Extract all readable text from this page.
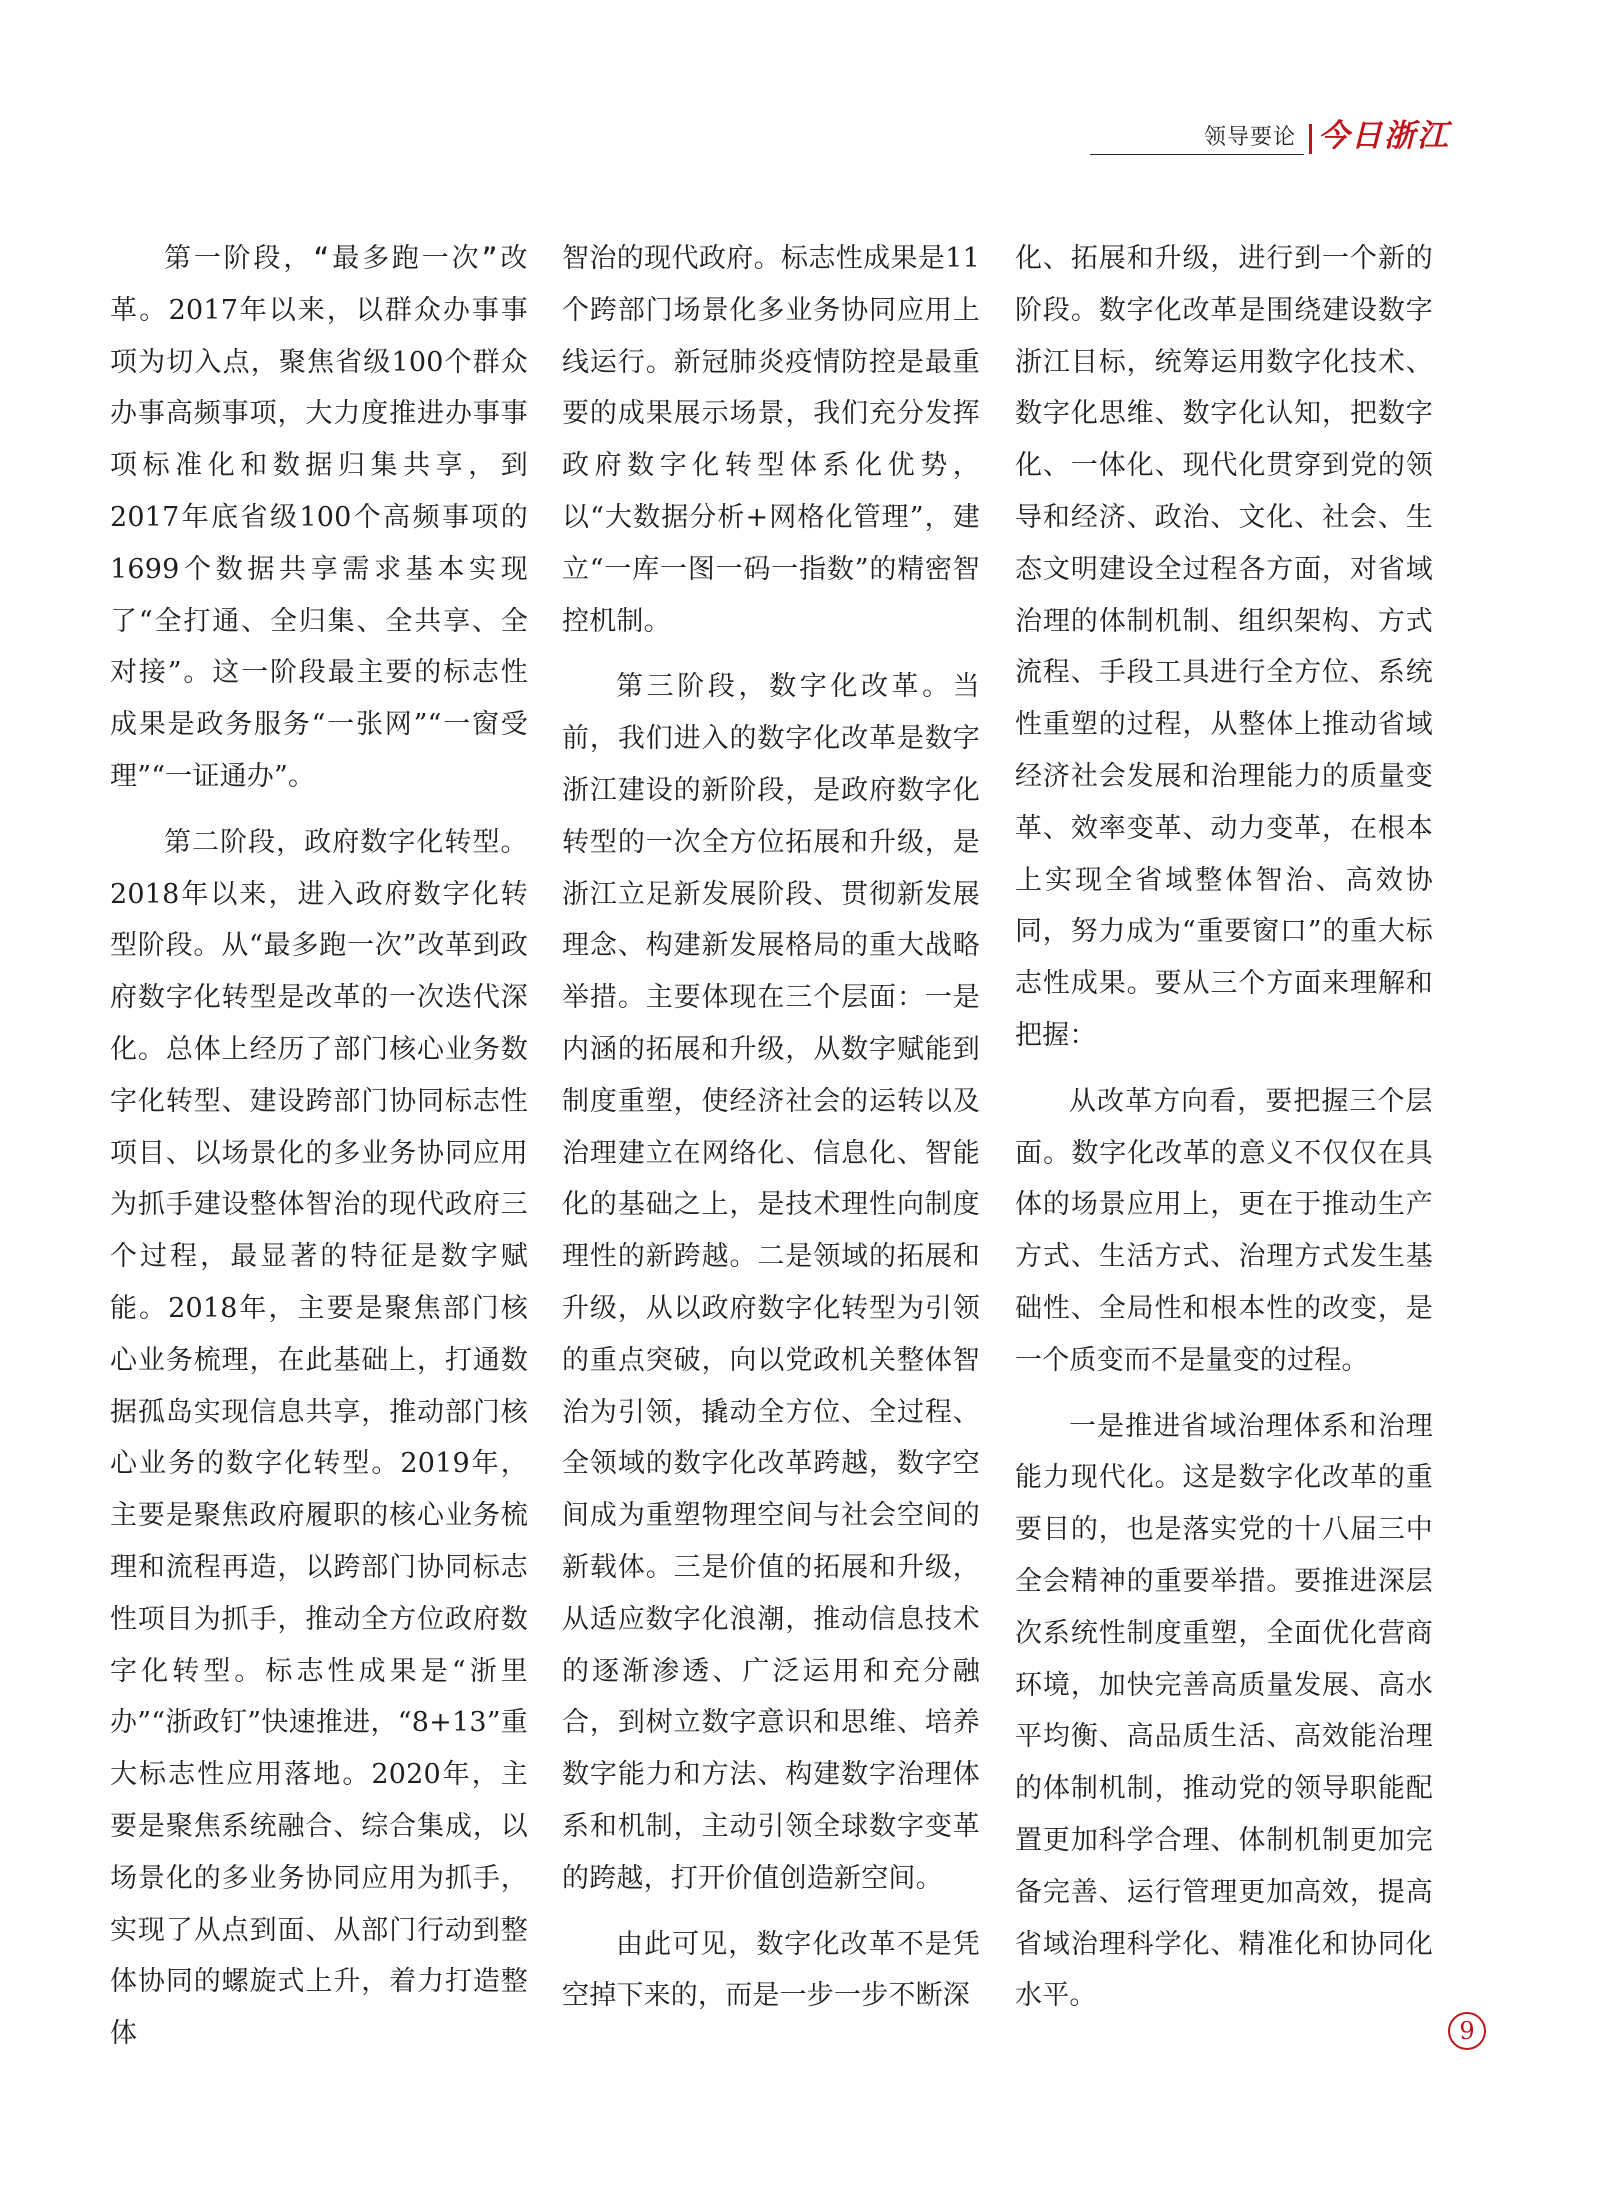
领导要论 今日浙江

第一阶段，“最多跑一次”改革。2017年以来，以群众办事事项为切入点，聚焦省级100个群众办事高频事项，大力度推进办事事项标准化和数据归集共享，到2017年底省级100个高频事项的1699个数据共享需求基本实现了“全打通、全归集、全共享、全对接”。这一阶段最主要的标志性成果是政务服务“一张网”“一窗受理”“一证通办”。

第二阶段，政府数字化转型。2018年以来，进入政府数字化转型阶段。从“最多跑一次”改革到政府数字化转型是改革的一次迭代深化。总体上经历了部门核心业务数字化转型、建设跨部门协同标志性项目、以场景化的多业务协同应用为抓手建设整体智治的现代政府三个过程，最显著的特征是数字赋能。2018年，主要是聚焦部门核心业务梳理，在此基础上，打通数据孤岛实现信息共享，推动部门核心业务的数字化转型。2019年，主要是聚焦政府履职的核心业务梳理和流程再造，以跨部门协同标志性项目为抓手，推动全方位政府数字化转型。标志性成果是“浙里办”“浙政钉”快速推进，“8+13”重大标志性应用落地。2020年，主要是聚焦系统融合、综合集成，以场景化的多业务协同应用为抓手，实现了从点到面、从部门行动到整体协同的螺旋式上升，着力打造整体

智治的现代政府。标志性成果是11个跨部门场景化多业务协同应用上线运行。新冠肺炎疫情防控是最重要的成果展示场景，我们充分发挥政府数字化转型体系化优势，以“大数据分析+网格化管理”，建立“一库一图一码一指数”的精密智控机制。

第三阶段，数字化改革。当前，我们进入的数字化改革是数字浙江建设的新阶段，是政府数字化转型的一次全方位拓展和升级，是浙江立足新发展阶段、贯彻新发展理念、构建新发展格局的重大战略举措。主要体现在三个层面：一是内涵的拓展和升级，从数字赋能到制度重塑，使经济社会的运转以及治理建立在网络化、信息化、智能化的基础之上，是技术理性向制度理性的新跨越。二是领域的拓展和升级，从以政府数字化转型为引领的重点突破，向以党政机关整体智治为引领，撬动全方位、全过程、全领域的数字化改革跨越，数字空间成为重塑物理空间与社会空间的新载体。三是价值的拓展和升级，从适应数字化浪潮，推动信息技术的逐渐渗透、广泛运用和充分融合，到树立数字意识和思维、培养数字能力和方法、构建数字治理体系和机制，主动引领全球数字变革的跨越，打开价值创造新空间。

由此可见，数字化改革不是凭空掉下来的，而是一步一步不断深

化、拓展和升级，进行到一个新的阶段。数字化改革是围绕建设数字浙江目标，统筹运用数字化技术、数字化思维、数字化认知，把数字化、一体化、现代化贯穿到党的领导和经济、政治、文化、社会、生态文明建设全过程各方面，对省域治理的体制机制、组织架构、方式流程、手段工具进行全方位、系统性重塑的过程，从整体上推动省域经济社会发展和治理能力的质量变革、效率变革、动力变革，在根本上实现全省域整体智治、高效协同，努力成为“重要窗口”的重大标志性成果。要从三个方面来理解和把握：

从改革方向看，要把握三个层面。数字化改革的意义不仅仅在具体的场景应用上，更在于推动生产方式、生活方式、治理方式发生基础性、全局性和根本性的改变，是一个质变而不是量变的过程。

一是推进省域治理体系和治理能力现代化。这是数字化改革的重要目的，也是落实党的十八届三中全会精神的重要举措。要推进深层次系统性制度重塑，全面优化营商环境，加快完善高质量发展、高水平均衡、高品质生活、高效能治理的体制机制，推动党的领导职能配置更加科学合理、体制机制更加完备完善、运行管理更加高效，提高省域治理科学化、精准化和协同化水平。

9
